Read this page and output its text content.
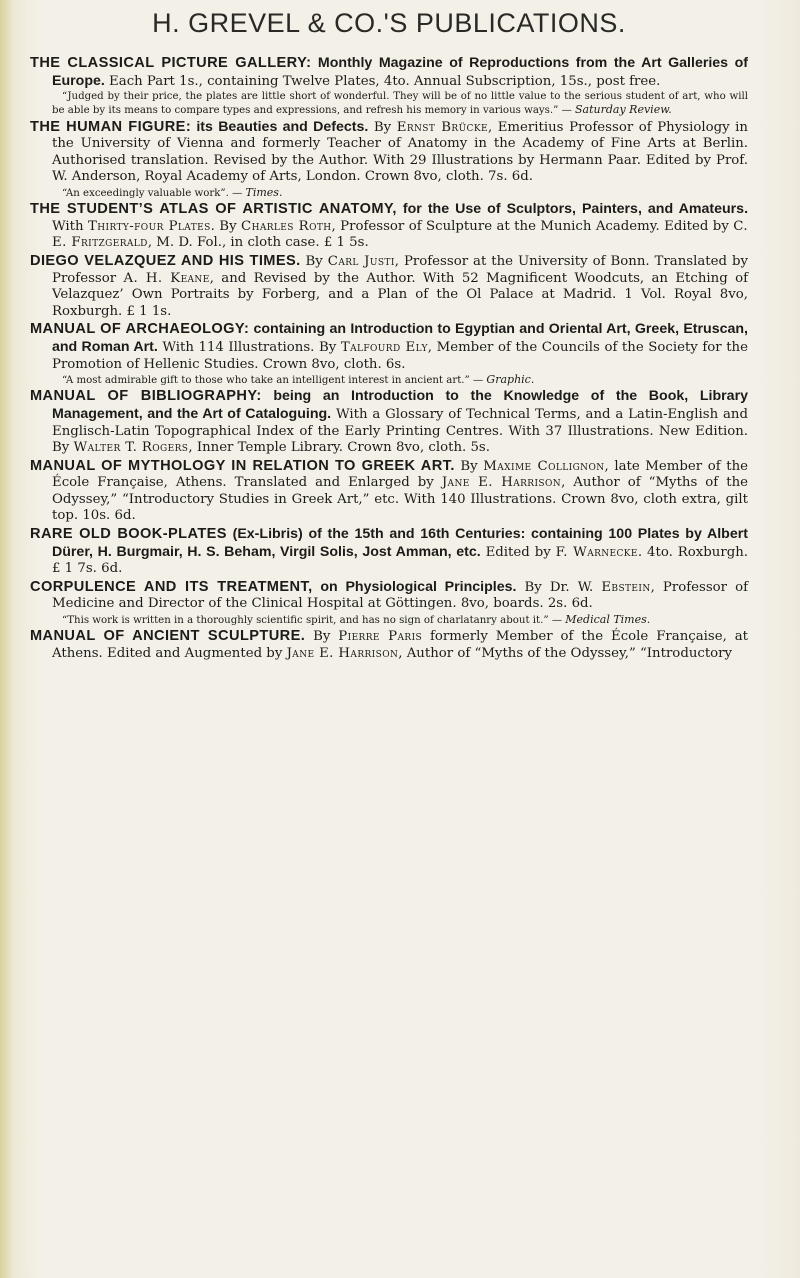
H. GREVEL & CO.'S PUBLICATIONS.

THE CLASSICAL PICTURE GALLERY: Monthly Magazine of Reproductions from the Art Galleries of Europe. Each Part 1s., containing Twelve Plates, 4to. Annual Subscription, 15s., post free.

“Judged by their price, the plates are little short of wonderful. They will be of no little value to the serious student of art, who will be able by its means to compare types and expressions, and refresh his memory in various ways.” — Saturday Review.

THE HUMAN FIGURE: its Beauties and Defects. By Ernst Brücke, Emeritius Professor of Physiology in the University of Vienna and formerly Teacher of Anatomy in the Academy of Fine Arts at Berlin. Authorised translation. Revised by the Author. With 29 Illustrations by Hermann Paar. Edited by Prof. W. Anderson, Royal Academy of Arts, London. Crown 8vo, cloth. 7s. 6d.

“An exceedingly valuable work”. — Times.

THE STUDENT’S ATLAS OF ARTISTIC ANATOMY, for the Use of Sculptors, Painters, and Amateurs. With Thirty-four Plates. By Charles Roth, Professor of Sculpture at the Munich Academy. Edited by C. E. Fritzgerald, M. D. Fol., in cloth case. £ 1 5s.

DIEGO VELAZQUEZ AND HIS TIMES. By Carl Justi, Professor at the University of Bonn. Translated by Professor A. H. Keane, and Revised by the Author. With 52 Magnificent Woodcuts, an Etching of Velazquez’ Own Portraits by Forberg, and a Plan of the Ol Palace at Madrid. 1 Vol. Royal 8vo, Roxburgh. £ 1 1s.

MANUAL OF ARCHAEOLOGY: containing an Introduction to Egyptian and Oriental Art, Greek, Etruscan, and Roman Art. With 114 Illustrations. By Talfourd Ely, Member of the Councils of the Society for the Promotion of Hellenic Studies. Crown 8vo, cloth. 6s.

“A most admirable gift to those who take an intelligent interest in ancient art.” — Graphic.

MANUAL OF BIBLIOGRAPHY: being an Introduction to the Knowledge of the Book, Library Management, and the Art of Cataloguing. With a Glossary of Technical Terms, and a Latin-English and Englisch-Latin Topographical Index of the Early Printing Centres. With 37 Illustrations. New Edition. By Walter T. Rogers, Inner Temple Library. Crown 8vo, cloth. 5s.

MANUAL OF MYTHOLOGY IN RELATION TO GREEK ART. By Maxime Collignon, late Member of the École Française, Athens. Translated and Enlarged by Jane E. Harrison, Author of “Myths of the Odyssey,” “Introductory Studies in Greek Art,” etc. With 140 Illustrations. Crown 8vo, cloth extra, gilt top. 10s. 6d.

RARE OLD BOOK-PLATES (Ex-Libris) of the 15th and 16th Centuries: containing 100 Plates by Albert Dürer, H. Burgmair, H. S. Beham, Virgil Solis, Jost Amman, etc. Edited by F. Warnecke. 4to. Roxburgh. £ 1 7s. 6d.

CORPULENCE AND ITS TREATMENT, on Physiological Principles. By Dr. W. Ebstein, Professor of Medicine and Director of the Clinical Hospital at Göttingen. 8vo, boards. 2s. 6d.

“This work is written in a thoroughly scientific spirit, and has no sign of charlatanry about it.” — Medical Times.

MANUAL OF ANCIENT SCULPTURE. By Pierre Paris formerly Member of the École Française, at Athens. Edited and Augmented by Jane E. Harrison, Author of “Myths of the Odyssey,” “Introductory
